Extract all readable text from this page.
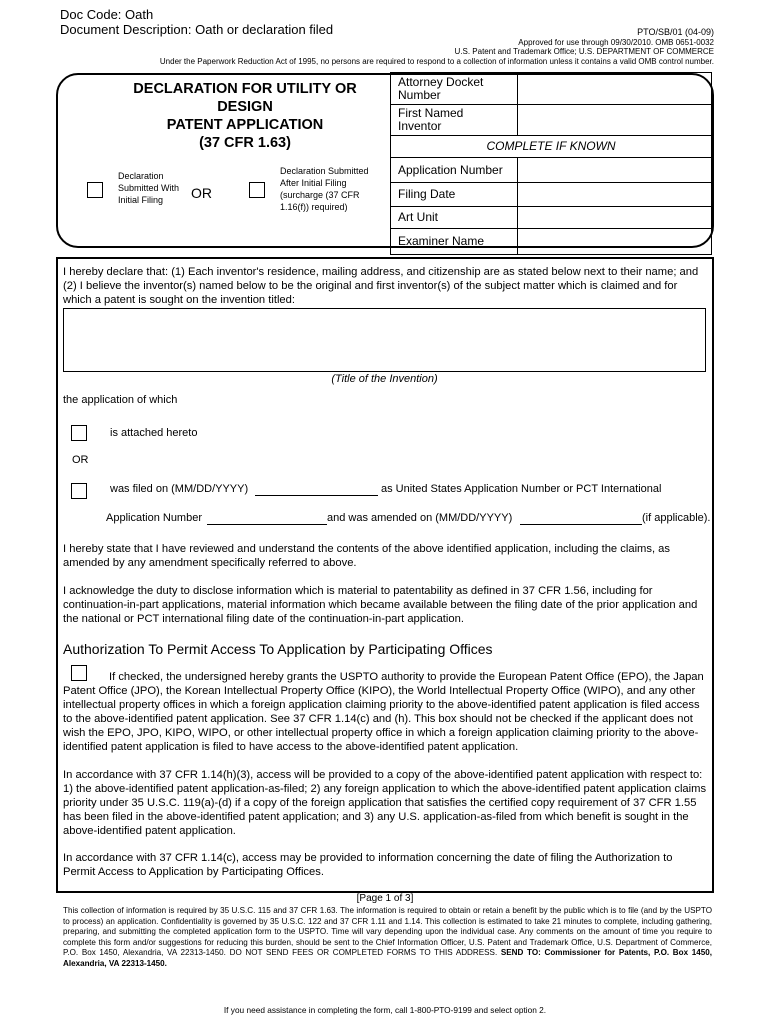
Doc Code: Oath
Document Description: Oath or declaration filed	PTO/SB/01 (04-09)
Approved for use through 09/30/2010. OMB 0651-0032
U.S. Patent and Trademark Office; U.S. DEPARTMENT OF COMMERCE
Under the Paperwork Reduction Act of 1995, no persons are required to respond to a collection of information unless it contains a valid OMB control number.
DECLARATION FOR UTILITY OR
DESIGN
PATENT APPLICATION
(37 CFR 1.63)
Declaration Submitted With Initial Filing	OR
Declaration Submitted After Initial Filing (surcharge (37 CFR 1.16(f)) required)
Attorney Docket Number	
First Named Inventor	
COMPLETE IF KNOWN	
Application Number	
Filing Date	
Art Unit	
Examiner Name	
I hereby declare that: (1) Each inventor's residence, mailing address, and citizenship are as stated below next to their name; and (2) I believe the inventor(s) named below to be the original and first inventor(s) of the subject matter which is claimed and for which a patent is sought on the invention titled:
(Title of the Invention)
the application of which
is attached hereto
OR
was filed on (MM/DD/YYYY)	as United States Application Number or PCT International
Application Number	and was amended on (MM/DD/YYYY)	(if applicable).
I hereby state that I have reviewed and understand the contents of the above identified application, including the claims, as amended by any amendment specifically referred to above.
I acknowledge the duty to disclose information which is material to patentability as defined in 37 CFR 1.56, including for continuation-in-part applications, material information which became available between the filing date of the prior application and the national or PCT international filing date of the continuation-in-part application.
Authorization To Permit Access To Application by Participating Offices
If checked, the undersigned hereby grants the USPTO authority to provide the European Patent Office (EPO), the Japan Patent Office (JPO), the Korean Intellectual Property Office (KIPO), the World Intellectual Property Office (WIPO), and any other intellectual property offices in which a foreign application claiming priority to the above-identified patent application is filed access to the above-identified patent application. See 37 CFR 1.14(c) and (h). This box should not be checked if the applicant does not wish the EPO, JPO, KIPO, WIPO, or other intellectual property office in which a foreign application claiming priority to the above-identified patent application is filed to have access to the above-identified patent application.
In accordance with 37 CFR 1.14(h)(3), access will be provided to a copy of the above-identified patent application with respect to: 1) the above-identified patent application-as-filed; 2) any foreign application to which the above-identified patent application claims priority under 35 U.S.C. 119(a)-(d) if a copy of the foreign application that satisfies the certified copy requirement of 37 CFR 1.55 has been filed in the above-identified patent application; and 3) any U.S. application-as-filed from which benefit is sought in the above-identified patent application.
In accordance with 37 CFR 1.14(c), access may be provided to information concerning the date of filing the Authorization to Permit Access to Application by Participating Offices.
[Page 1 of 3]
This collection of information is required by 35 U.S.C. 115 and 37 CFR 1.63. The information is required to obtain or retain a benefit by the public which is to file (and by the USPTO to process) an application. Confidentiality is governed by 35 U.S.C. 122 and 37 CFR 1.11 and 1.14. This collection is estimated to take 21 minutes to complete, including gathering, preparing, and submitting the completed application form to the USPTO. Time will vary depending upon the individual case. Any comments on the amount of time you require to complete this form and/or suggestions for reducing this burden, should be sent to the Chief Information Officer, U.S. Patent and Trademark Office, U.S. Department of Commerce, P.O. Box 1450, Alexandria, VA 22313-1450. DO NOT SEND FEES OR COMPLETED FORMS TO THIS ADDRESS. SEND TO: Commissioner for Patents, P.O. Box 1450, Alexandria, VA 22313-1450.
If you need assistance in completing the form, call 1-800-PTO-9199 and select option 2.
